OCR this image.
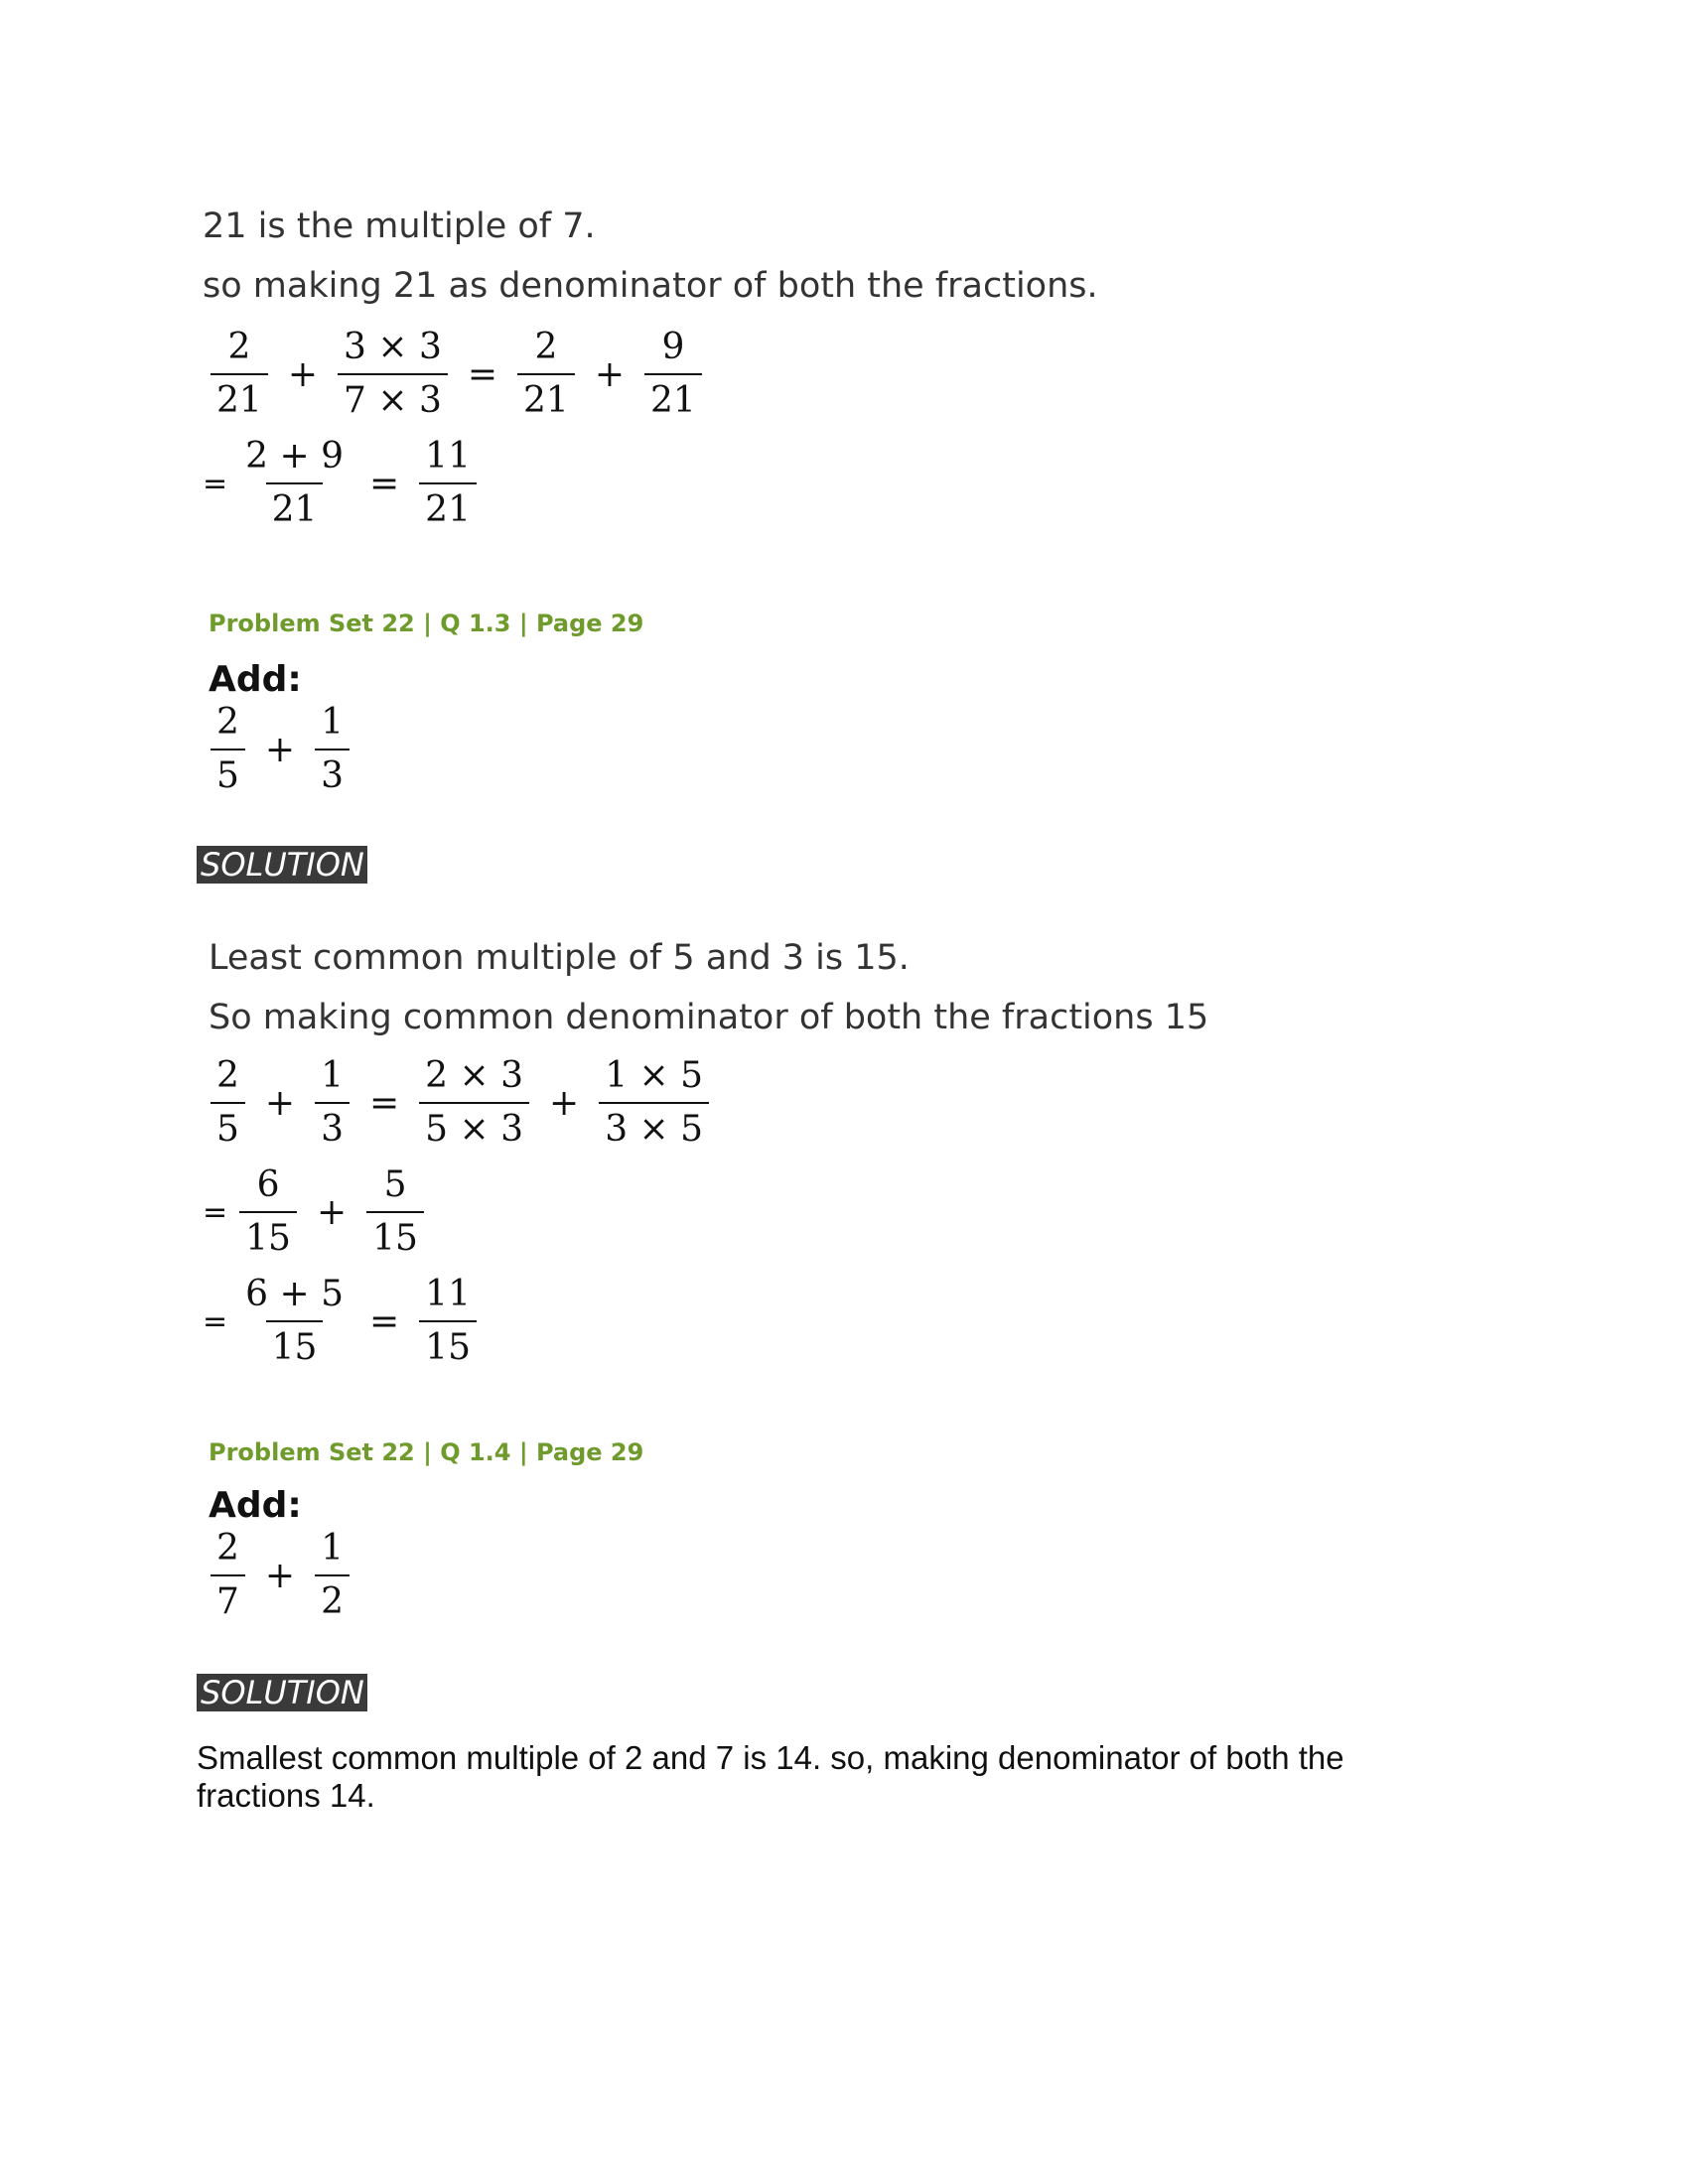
21 is the multiple of 7.
so making 21 as denominator of both the fractions.
$\frac{2}{21} + \frac{3 \times 3}{7 \times 3} = \frac{2}{21} + \frac{9}{21}$
= $\frac{2 + 9}{21} = \frac{11}{21}$
Problem Set 22 | Q 1.3 | Page 29
Add:
$\frac{2}{5} + \frac{1}{3}$
SOLUTION
Least common multiple of 5 and 3 is 15.
So making common denominator of both the fractions 15
$\frac{2}{5} + \frac{1}{3} = \frac{2 \times 3}{5 \times 3} + \frac{1 \times 5}{3 \times 5}$
= $\frac{6}{15} + \frac{5}{15}$
= $\frac{6 + 5}{15} = \frac{11}{15}$
Problem Set 22 | Q 1.4 | Page 29
Add:
$\frac{2}{7} + \frac{1}{2}$
SOLUTION
Smallest common multiple of 2 and 7 is 14. so, making denominator of both the fractions 14.
